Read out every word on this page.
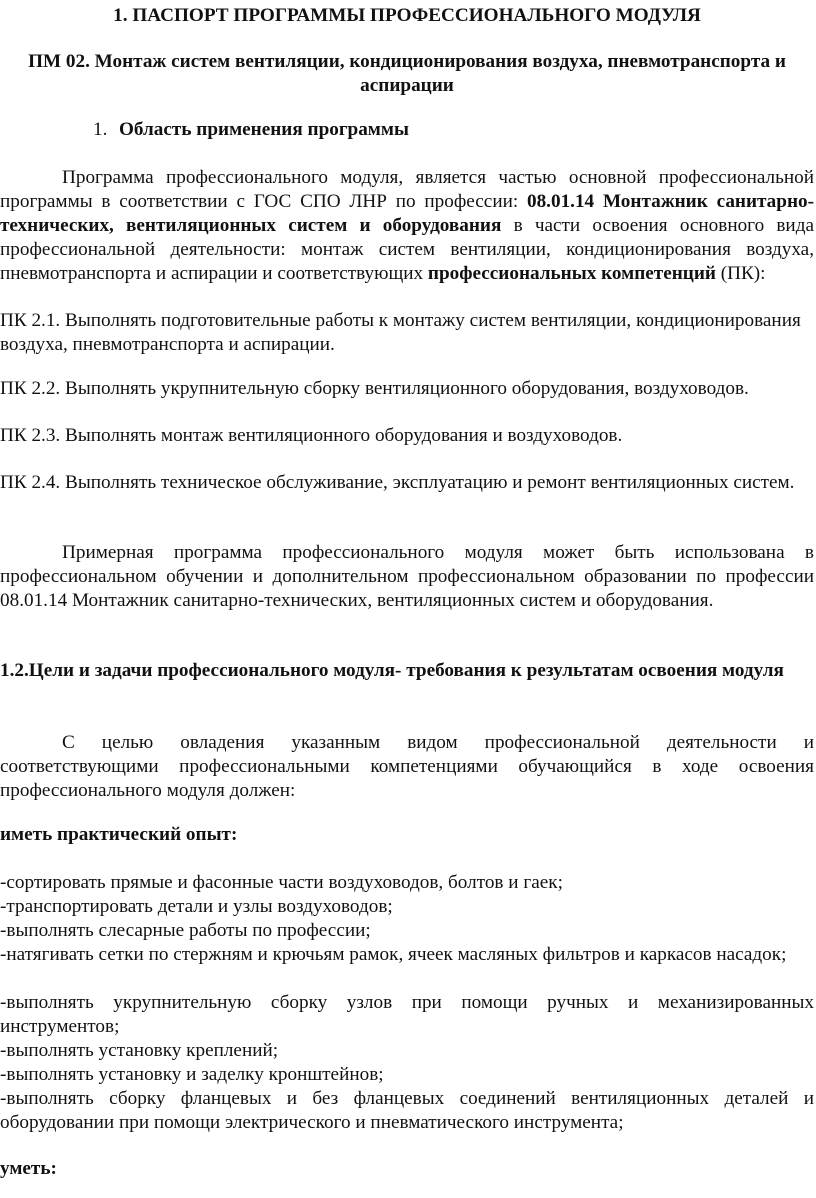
1. ПАСПОРТ ПРОГРАММЫ ПРОФЕССИОНАЛЬНОГО МОДУЛЯ

ПМ 02. Монтаж систем вентиляции, кондиционирования воздуха, пневмотранспорта и аспирации

1. Область применения программы

Программа профессионального модуля, является частью основной профессиональной программы в соответствии с ГОС СПО ЛНР по профессии: 08.01.14 Монтажник санитарно-технических, вентиляционных систем и оборудования в части освоения основного вида профессиональной деятельности: монтаж систем вентиляции, кондиционирования воздуха, пневмотранспорта и аспирации и соответствующих профессиональных компетенций (ПК):

ПК 2.1. Выполнять подготовительные работы к монтажу систем вентиляции, кондиционирования воздуха, пневмотранспорта и аспирации.

ПК 2.2. Выполнять укрупнительную сборку вентиляционного оборудования, воздуховодов.

ПК 2.3. Выполнять монтаж вентиляционного оборудования и воздуховодов.

ПК 2.4. Выполнять техническое обслуживание, эксплуатацию и ремонт вентиляционных систем.

Примерная программа профессионального модуля может быть использована в профессиональном обучении и дополнительном профессиональном образовании по профессии 08.01.14 Монтажник санитарно-технических, вентиляционных систем и оборудования.

1.2.Цели и задачи профессионального модуля- требования к результатам освоения модуля

С целью овладения указанным видом профессиональной деятельности и соответствующими профессиональными компетенциями обучающийся в ходе освоения профессионального модуля должен:

иметь практический опыт:

-сортировать прямые и фасонные части воздуховодов, болтов и гаек;

-транспортировать детали и узлы воздуховодов;

-выполнять слесарные работы по профессии;

-натягивать сетки по стержням и крючьям рамок, ячеек масляных фильтров и каркасов насадок;

-выполнять укрупнительную сборку узлов при помощи ручных и механизированных инструментов;

-выполнять установку креплений;

-выполнять установку и заделку кронштейнов;

-выполнять сборку фланцевых и без фланцевых соединений вентиляционных деталей и оборудовании при помощи электрического и пневматического инструмента;

уметь:
